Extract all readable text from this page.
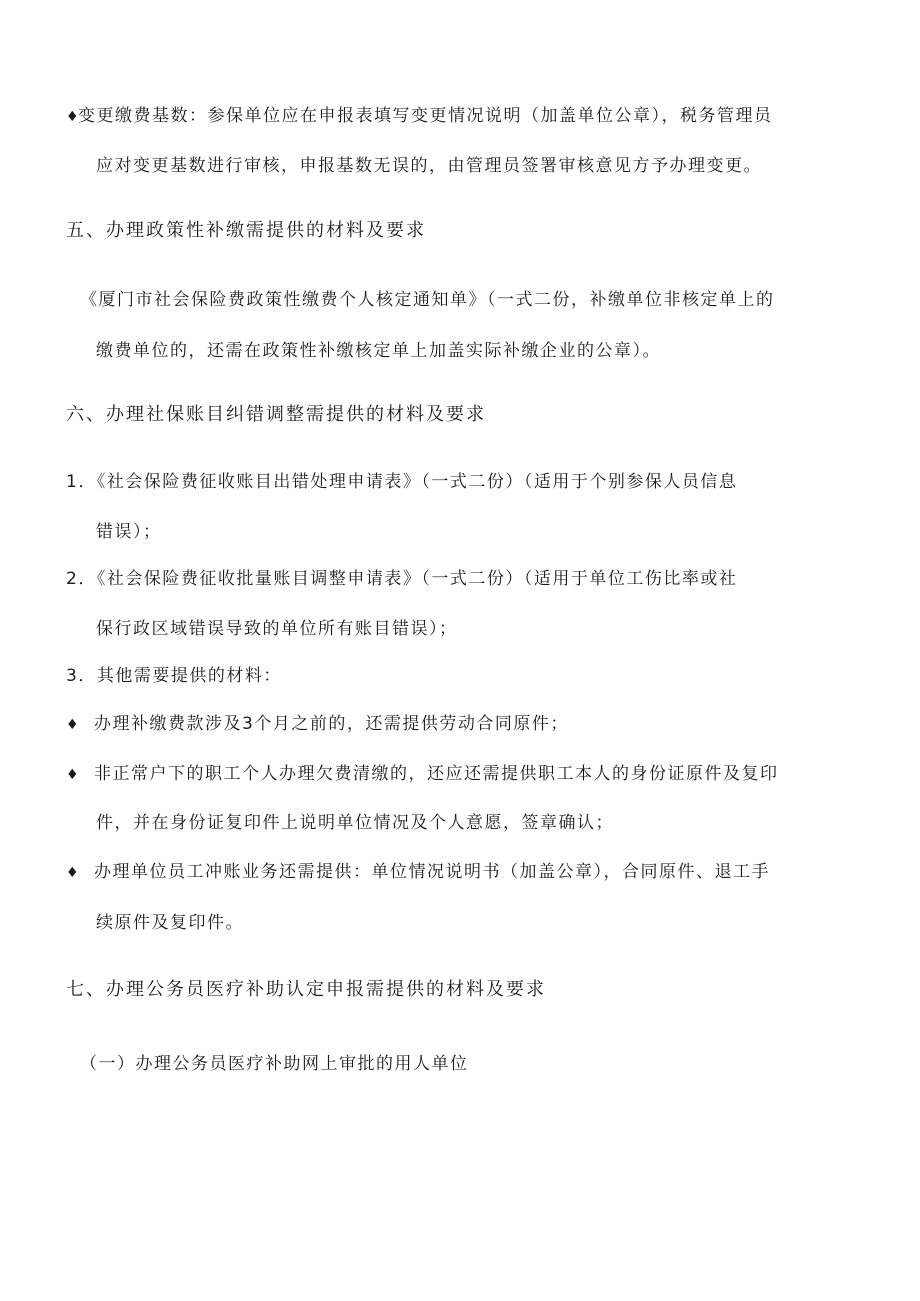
♦变更缴费基数：参保单位应在申报表填写变更情况说明（加盖单位公章），税务管理员
应对变更基数进行审核，申报基数无误的，由管理员签署审核意见方予办理变更。
五、办理政策性补缴需提供的材料及要求
《厦门市社会保险费政策性缴费个人核定通知单》（一式二份，补缴单位非核定单上的
缴费单位的，还需在政策性补缴核定单上加盖实际补缴企业的公章）。
六、办理社保账目纠错调整需提供的材料及要求
1．《社会保险费征收账目出错处理申请表》（一式二份）（适用于个别参保人员信息
错误）；
2．《社会保险费征收批量账目调整申请表》（一式二份）（适用于单位工伤比率或社
保行政区域错误导致的单位所有账目错误）；
3．其他需要提供的材料：
♦ 办理补缴费款涉及3个月之前的，还需提供劳动合同原件；
♦ 非正常户下的职工个人办理欠费清缴的，还应还需提供职工本人的身份证原件及复印
件，并在身份证复印件上说明单位情况及个人意愿，签章确认；
♦ 办理单位员工冲账业务还需提供：单位情况说明书（加盖公章），合同原件、退工手
续原件及复印件。
七、办理公务员医疗补助认定申报需提供的材料及要求
（一）办理公务员医疗补助网上审批的用人单位
